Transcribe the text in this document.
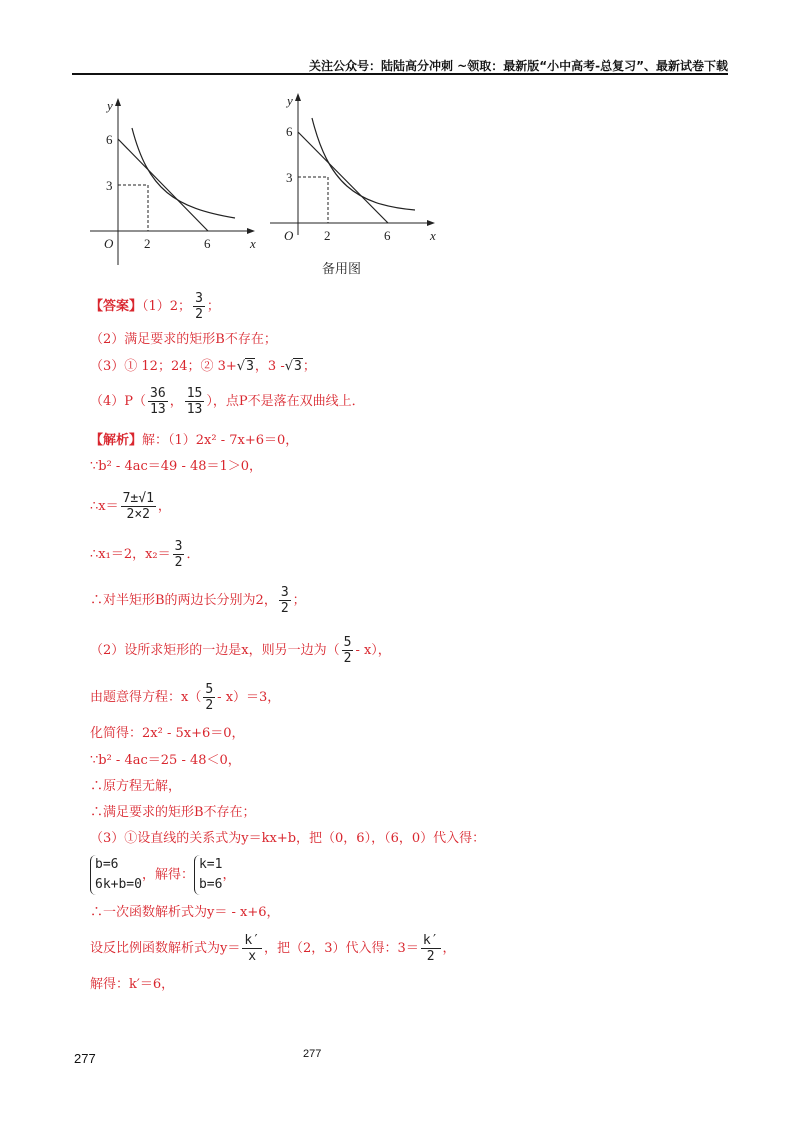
关注公众号：陆陆高分冲刺 ~领取：最新版“小中高考-总复习”、最新试卷下载
y
x
O
6
3
2	6
y
x
O
6
3
2	6
备用图
【答案】（1）2； $\frac{3}{2}$ ；
（2）满足要求的矩形B不存在；
（3）① 12；24；② 3+√3，3 -√3；
$(4)P( \frac{36}{13}$ ， $\frac{15}{13}$ ），点P不是落在双曲线上．
【解析】解：（1）2x² - 7x+6＝0，
∵b² - 4ac＝49 - 48＝1＞0，
∴x＝ $\frac{7\pm√1}{2\times 2}$ ，
∴x₁＝2，$x_2= \frac{3}{2}$ ．
∴对半矩形B的两边长分别为2， $\frac{3}{2}$ ；
（2）设所求矩形的一边是x，则另一边为（ $\frac{5}{2} - x$），
由题意得方程：$x( \frac{5}{2} - x)=3$，
化简得：2x² - 5x+6＝0，
∵b² - 4ac＝25 - 48＜0，
∴原方程无解，
∴满足要求的矩形B不存在；
（3）①设直线的关系式为y＝kx+b，把（0，6），（6，0）代入得：
b=6
6k+b=0
，解得：
k=1
b=6
，
∴一次函数解析式为y＝ - x+6，
设反比例函数解析式为$y= \frac{k'}{x}$ ，把（2，3）代入得：$3= \frac{k'}{2}$ ，
解得：k′＝6，
277	277
